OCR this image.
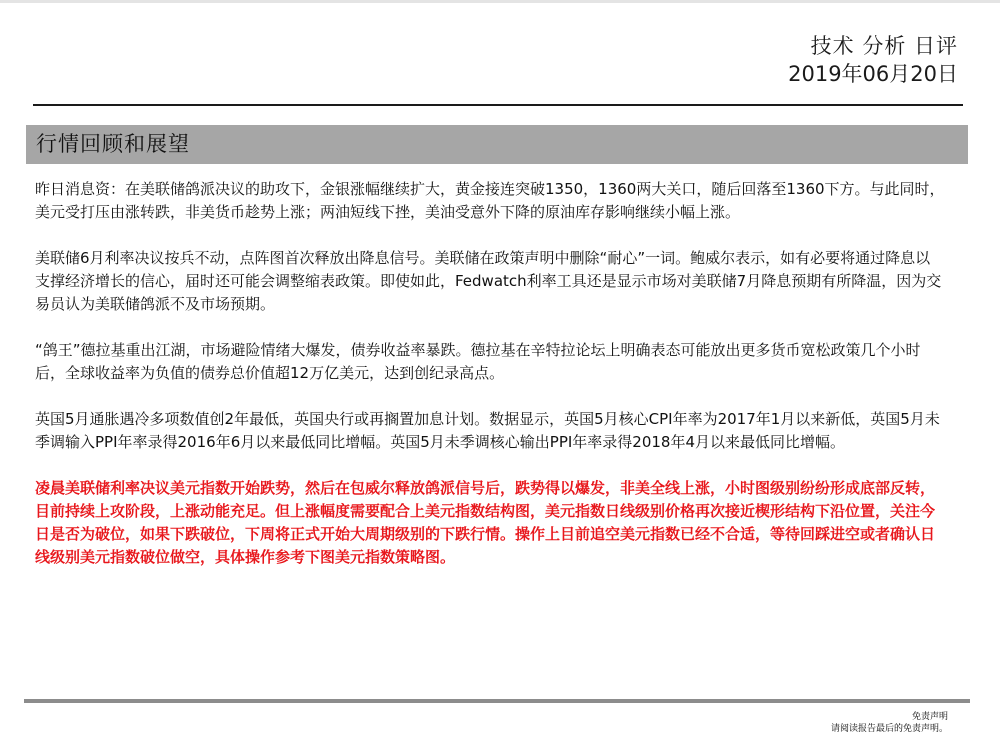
技术 分析 日评
2019年06月20日
行情回顾和展望

昨日消息资：在美联储鸽派决议的助攻下，金银涨幅继续扩大，黄金接连突破1350，1360两大关口，随后回落至1360下方。与此同时，美元受打压由涨转跌，非美货币趁势上涨；两油短线下挫，美油受意外下降的原油库存影响继续小幅上涨。

美联储6月利率决议按兵不动，点阵图首次释放出降息信号。美联储在政策声明中删除“耐心”一词。鲍威尔表示，如有必要将通过降息以支撑经济增长的信心，届时还可能会调整缩表政策。即使如此，Fedwatch利率工具还是显示市场对美联储7月降息预期有所降温，因为交易员认为美联储鸽派不及市场预期。

“鸽王”德拉基重出江湖，市场避险情绪大爆发，债券收益率暴跌。德拉基在辛特拉论坛上明确表态可能放出更多货币宽松政策几个小时后，全球收益率为负值的债券总价值超12万亿美元，达到创纪录高点。

英国5月通胀遇冷多项数值创2年最低，英国央行或再搁置加息计划。数据显示，英国5月核心CPI年率为2017年1月以来新低，英国5月未季调输入PPI年率录得2016年6月以来最低同比增幅。英国5月未季调核心输出PPI年率录得2018年4月以来最低同比增幅。

凌晨美联储利率决议美元指数开始跌势，然后在包威尔释放鸽派信号后，跌势得以爆发，非美全线上涨，小时图级别纷纷形成底部反转，目前持续上攻阶段，上涨动能充足。但上涨幅度需要配合上美元指数结构图，美元指数日线级别价格再次接近楔形结构下沿位置，关注今日是否为破位，如果下跌破位，下周将正式开始大周期级别的下跌行情。操作上目前追空美元指数已经不合适，等待回踩进空或者确认日线级别美元指数破位做空，具体操作参考下图美元指数策略图。

免责声明
请阅读报告最后的免责声明。
